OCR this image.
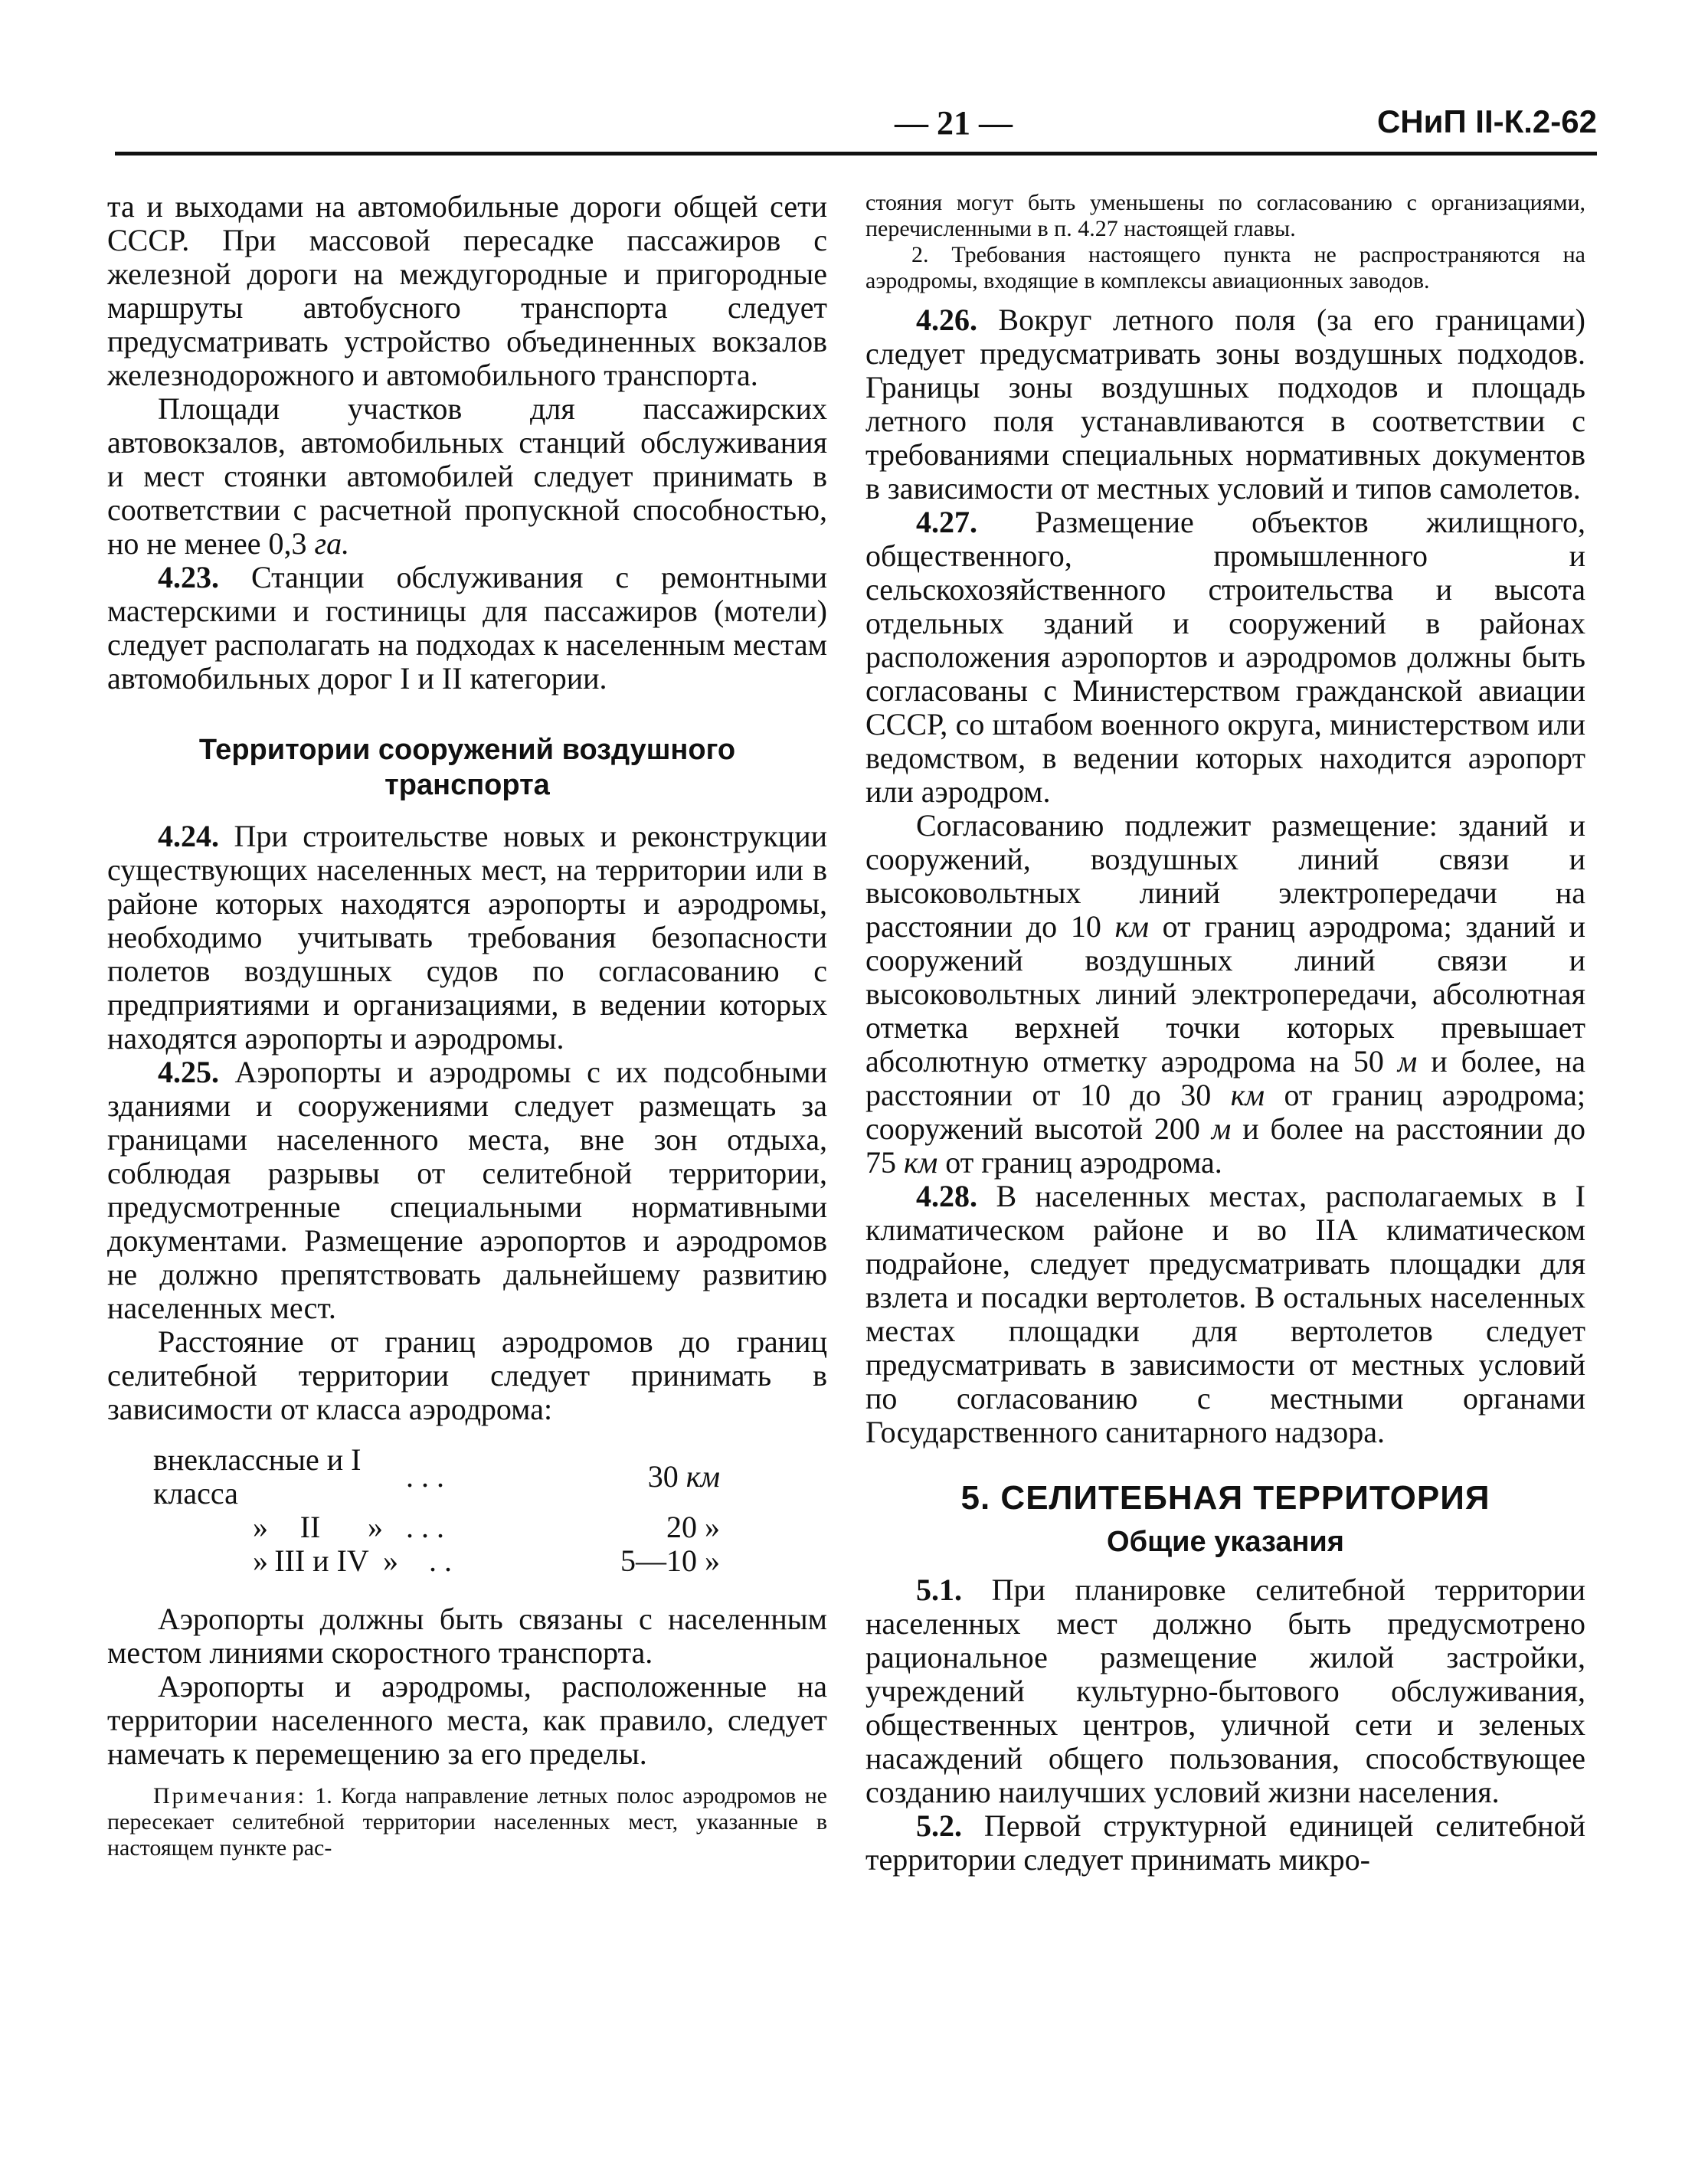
— 21 —	СНиП II-К.2-62

та и выходами на автомобильные дороги общей сети СССР. При массовой пересадке пассажиров с железной дороги на междугородные и пригородные маршруты автобусного транспорта следует предусматривать устройство объединенных вокзалов железнодорожного и автомобильного транспорта.

Площади участков для пассажирских автовокзалов, автомобильных станций обслуживания и мест стоянки автомобилей следует принимать в соответствии с расчетной пропускной способностью, но не менее 0,3 га.

4.23. Станции обслуживания с ремонтными мастерскими и гостиницы для пассажиров (мотели) следует располагать на подходах к населенным местам автомобильных дорог I и II категории.

Территории сооружений воздушного транспорта

4.24. При строительстве новых и реконструкции существующих населенных мест, на территории или в районе которых находятся аэропорты и аэродромы, необходимо учитывать требования безопасности полетов воздушных судов по согласованию с предприятиями и организациями, в ведении которых находятся аэропорты и аэродромы.

4.25. Аэропорты и аэродромы с их подсобными зданиями и сооружениями следует размещать за границами населенного места, вне зон отдыха, соблюдая разрывы от селитебной территории, предусмотренные специальными нормативными документами. Размещение аэропортов и аэродромов не должно препятствовать дальнейшему развитию населенных мест.

Расстояние от границ аэродромов до границ селитебной территории следует принимать в зависимости от класса аэродрома:

внеклассные и I класса	. . .	30 км
» II »	. . .	20 »
» III и IV »	. .	5—10 »

Аэропорты должны быть связаны с населенным местом линиями скоростного транспорта.

Аэропорты и аэродромы, расположенные на территории населенного места, как правило, следует намечать к перемещению за его пределы.

Примечания: 1. Когда направление летных полос аэродромов не пересекает селитебной территории населенных мест, указанные в настоящем пункте рас-

стояния могут быть уменьшены по согласованию с организациями, перечисленными в п. 4.27 настоящей главы.

2. Требования настоящего пункта не распространяются на аэродромы, входящие в комплексы авиационных заводов.

4.26. Вокруг летного поля (за его границами) следует предусматривать зоны воздушных подходов. Границы зоны воздушных подходов и площадь летного поля устанавливаются в соответствии с требованиями специальных нормативных документов в зависимости от местных условий и типов самолетов.

4.27. Размещение объектов жилищного, общественного, промышленного и сельскохозяйственного строительства и высота отдельных зданий и сооружений в районах расположения аэропортов и аэродромов должны быть согласованы с Министерством гражданской авиации СССР, со штабом военного округа, министерством или ведомством, в ведении которых находится аэропорт или аэродром.

Согласованию подлежит размещение: зданий и сооружений, воздушных линий связи и высоковольтных линий электропередачи на расстоянии до 10 км от границ аэродрома; зданий и сооружений воздушных линий связи и высоковольтных линий электропередачи, абсолютная отметка верхней точки которых превышает абсолютную отметку аэродрома на 50 м и более, на расстоянии от 10 до 30 км от границ аэродрома; сооружений высотой 200 м и более на расстоянии до 75 км от границ аэродрома.

4.28. В населенных местах, располагаемых в I климатическом районе и во IIА климатическом подрайоне, следует предусматривать площадки для взлета и посадки вертолетов. В остальных населенных местах площадки для вертолетов следует предусматривать в зависимости от местных условий по согласованию с местными органами Государственного санитарного надзора.

5. СЕЛИТЕБНАЯ ТЕРРИТОРИЯ
Общие указания

5.1. При планировке селитебной территории населенных мест должно быть предусмотрено рациональное размещение жилой застройки, учреждений культурно-бытового обслуживания, общественных центров, уличной сети и зеленых насаждений общего пользования, способствующее созданию наилучших условий жизни населения.

5.2. Первой структурной единицей селитебной территории следует принимать микро-
